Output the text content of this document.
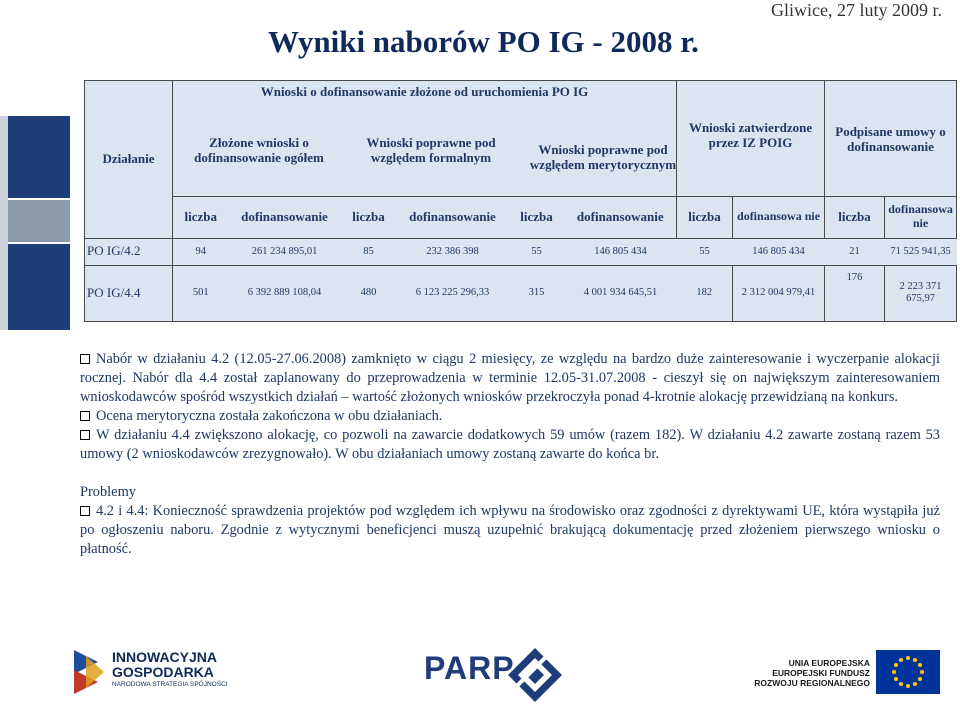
Gliwice, 27 luty 2009 r.
Wyniki naborów PO IG - 2008 r.
Działanie	
Wnioski o dofinansowanie złożone od uruchomienia PO IG
Złożone wnioski o dofinansowanie ogółem	Wnioski poprawne pod względem formalnym	Wnioski poprawne pod względem merytorycznym
	Wnioski zatwierdzone przez IZ POIG	Podpisane umowy o dofinansowanie
liczba	dofinansowanie	liczba	dofinansowanie	liczba	dofinansowanie	liczba	dofinansowa nie	liczba	dofinansowa nie
PO IG/4.2	94	261 234 895,01	85	232 386 398	55	146 805 434	55	146 805 434	21	71 525 941,35
PO IG/4.4	501	6 392 889 108,04	480	6 123 225 296,33	315	4 001 934 645,51	182	2 312 004 979,41	176	2 223 371 675,97

Nabór w działaniu 4.2 (12.05-27.06.2008) zamknięto w ciągu 2 miesięcy, ze względu na bardzo duże zainteresowanie i wyczerpanie alokacji rocznej. Nabór dla 4.4 został zaplanowany do przeprowadzenia w terminie 12.05-31.07.2008 - cieszył się on największym zainteresowaniem wnioskodawców spośród wszystkich działań – wartość złożonych wniosków przekroczyła ponad 4-krotnie alokację przewidzianą na konkurs.

Ocena merytoryczna została zakończona w obu działaniach.

W działaniu 4.4 zwiększono alokację, co pozwoli na zawarcie dodatkowych 59 umów (razem 182). W działaniu 4.2 zawarte zostaną razem 53 umowy (2 wnioskodawców zrezygnowało). W obu działaniach umowy zostaną zawarte do końca br.

Problemy

4.2 i 4.4: Konieczność sprawdzenia projektów pod względem ich wpływu na środowisko oraz zgodności z dyrektywami UE, która wystąpiła już po ogłoszeniu naboru. Zgodnie z wytycznymi beneficjenci muszą uzupełnić brakującą dokumentację przed złożeniem pierwszego wniosku o płatność.

INNOWACYJNA
GOSPODARKA
NARODOWA STRATEGIA SPÓJNOŚCI	PARP	UNIA EUROPEJSKA
EUROPEJSKI FUNDUSZ
ROZWOJU REGIONALNEGO
